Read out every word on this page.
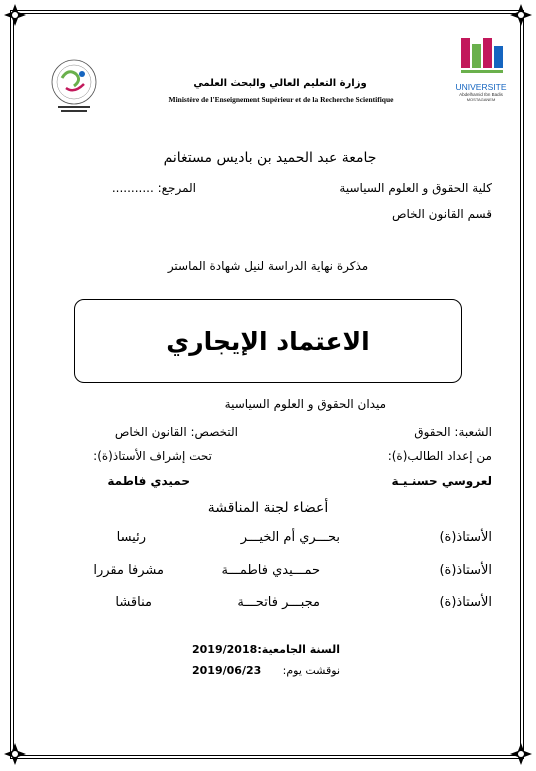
UNIVERSITE
Abdelhamid Ibn Badis
MOSTAGANEM
وزارة التعليم العالي والبحث العلمي
Ministère de l'Enseignement Supérieur et de la Recherche Scientifique
جامعة عبد الحميد بن باديس مستغانم
كلية الحقوق و العلوم السياسية
المرجع: ...........
قسم القانون الخاص
مذكرة نهاية الدراسة لنيل شهادة الماستر
الاعتماد الإيجاري
ميدان الحقوق و العلوم السياسية
الشعبة: الحقوق
التخصص: القانون الخاص
من إعداد الطالب(ة):
تحت إشراف الأستاذ(ة):
لعروسي حسنـيـة
حميدي فاطمة
أعضاء لجنة المناقشة
الأستاذ(ة)
بحـــري أم الخيـــر
رئيسا
الأستاذ(ة)
حمـــيدي فاطمـــة
مشرفا مقررا
الأستاذ(ة)
مجبـــر فاتحـــة
مناقشا
السنة الجامعية:
2019/2018
نوقشت يوم:
2019/06/23
